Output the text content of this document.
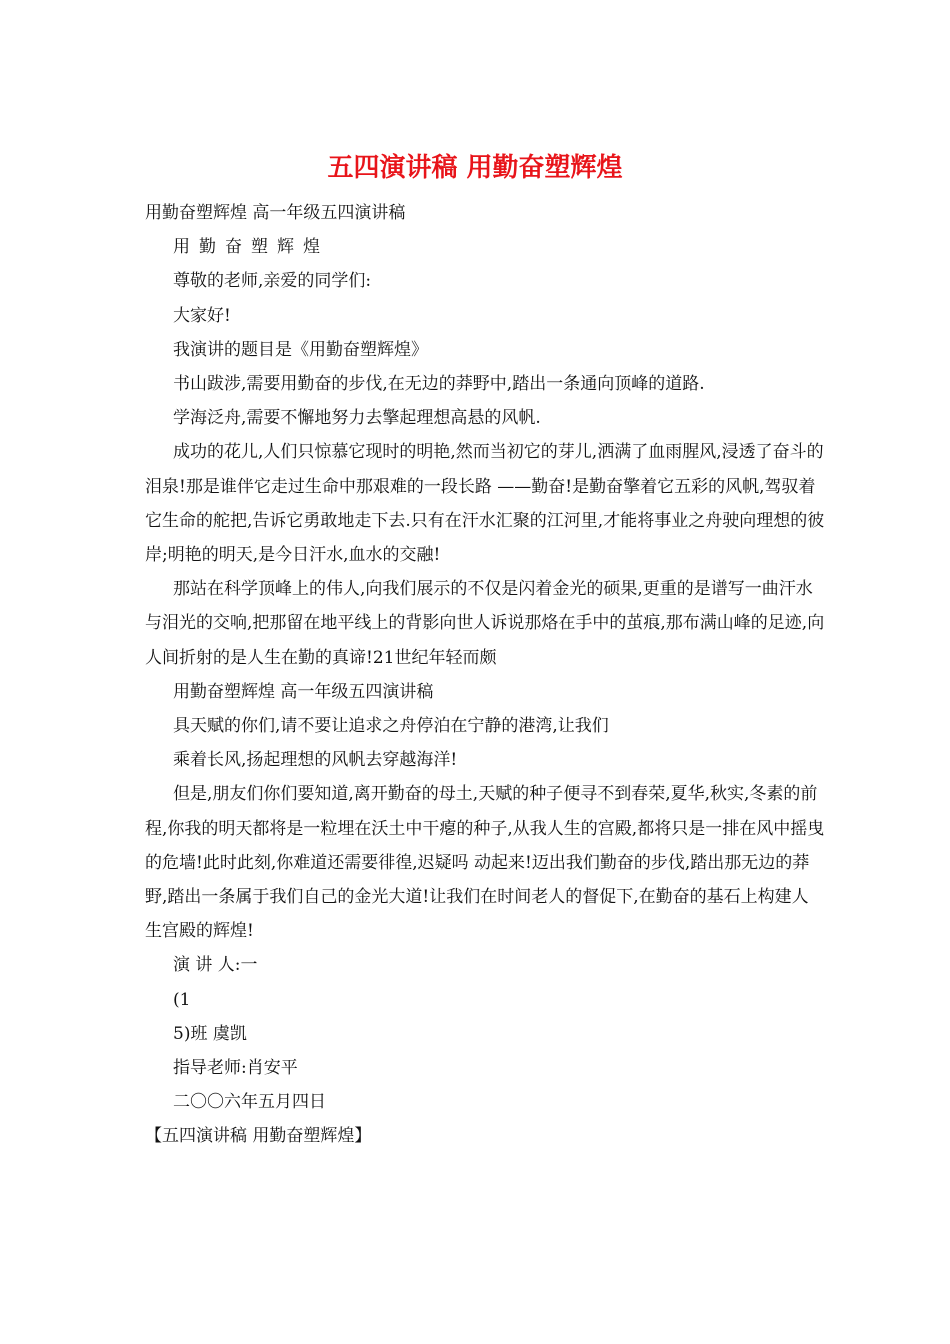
五四演讲稿 用勤奋塑辉煌

用勤奋塑辉煌 高一年级五四演讲稿

用勤奋塑辉煌

尊敬的老师,亲爱的同学们:

大家好!

我演讲的题目是《用勤奋塑辉煌》

书山跋涉,需要用勤奋的步伐,在无边的莽野中,踏出一条通向顶峰的道路.

学海泛舟,需要不懈地努力去擎起理想高悬的风帆.

成功的花儿,人们只惊慕它现时的明艳,然而当初它的芽儿,洒满了血雨腥风,浸透了奋斗的泪泉!那是谁伴它走过生命中那艰难的一段长路 ——勤奋!是勤奋擎着它五彩的风帆,驾驭着它生命的舵把,告诉它勇敢地走下去.只有在汗水汇聚的江河里,才能将事业之舟驶向理想的彼岸;明艳的明天,是今日汗水,血水的交融!

那站在科学顶峰上的伟人,向我们展示的不仅是闪着金光的硕果,更重的是谱写一曲汗水与泪光的交响,把那留在地平线上的背影向世人诉说那烙在手中的茧痕,那布满山峰的足迹,向人间折射的是人生在勤的真谛!21世纪年轻而颇

用勤奋塑辉煌 高一年级五四演讲稿

具天赋的你们,请不要让追求之舟停泊在宁静的港湾,让我们

乘着长风,扬起理想的风帆去穿越海洋!

但是,朋友们你们要知道,离开勤奋的母土,天赋的种子便寻不到春荣,夏华,秋实,冬素的前程,你我的明天都将是一粒埋在沃土中干瘪的种子,从我人生的宫殿,都将只是一排在风中摇曳的危墙!此时此刻,你难道还需要徘徨,迟疑吗 动起来!迈出我们勤奋的步伐,踏出那无边的莽野,踏出一条属于我们自己的金光大道!让我们在时间老人的督促下,在勤奋的基石上构建人生宫殿的辉煌!

演 讲 人:一

(1

5)班 虞凯

指导老师:肖安平

二〇〇六年五月四日

【五四演讲稿 用勤奋塑辉煌】
